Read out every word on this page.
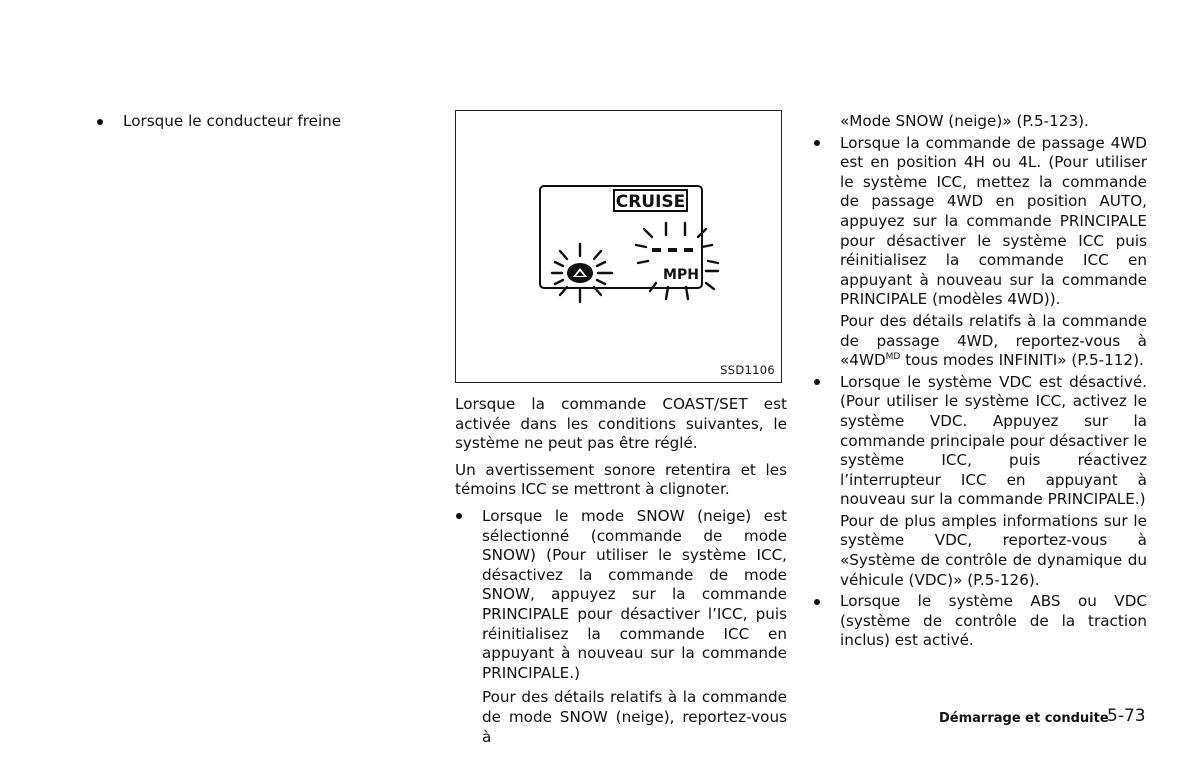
Lorsque le conducteur freine

CRUISE
MPH
SSD1106

Lorsque la commande COAST/SET est activée dans les conditions suivantes, le système ne peut pas être réglé.

Un avertissement sonore retentira et les témoins ICC se mettront à clignoter.

Lorsque le mode SNOW (neige) est sélectionné (commande de mode SNOW) (Pour utiliser le système ICC, désactivez la commande de mode SNOW, appuyez sur la commande PRINCIPALE pour désactiver l’ICC, puis réinitialisez la commande ICC en appuyant à nouveau sur la commande PRINCIPALE.)

Pour des détails relatifs à la commande de mode SNOW (neige), reportez-vous à

«Mode SNOW (neige)» (P.5-123).

Lorsque la commande de passage 4WD est en position 4H ou 4L. (Pour utiliser le système ICC, mettez la commande de passage 4WD en position AUTO, appuyez sur la commande PRINCIPALE pour désactiver le système ICC puis réinitialisez la commande ICC en appuyant à nouveau sur la commande PRINCIPALE (modèles 4WD)).

Pour des détails relatifs à la commande de passage 4WD, reportez-vous à «$4WD^{MD}$ tous modes INFINITI» (P.5-112).

Lorsque le système VDC est désactivé. (Pour utiliser le système ICC, activez le système VDC. Appuyez sur la commande principale pour désactiver le système ICC, puis réactivez l’interrupteur ICC en appuyant à nouveau sur la commande PRINCIPALE.)

Pour de plus amples informations sur le système VDC, reportez-vous à «Système de contrôle de dynamique du véhicule (VDC)» (P.5-126).

Lorsque le système ABS ou VDC (système de contrôle de la traction inclus) est activé.

Démarrage et conduite
5-73
